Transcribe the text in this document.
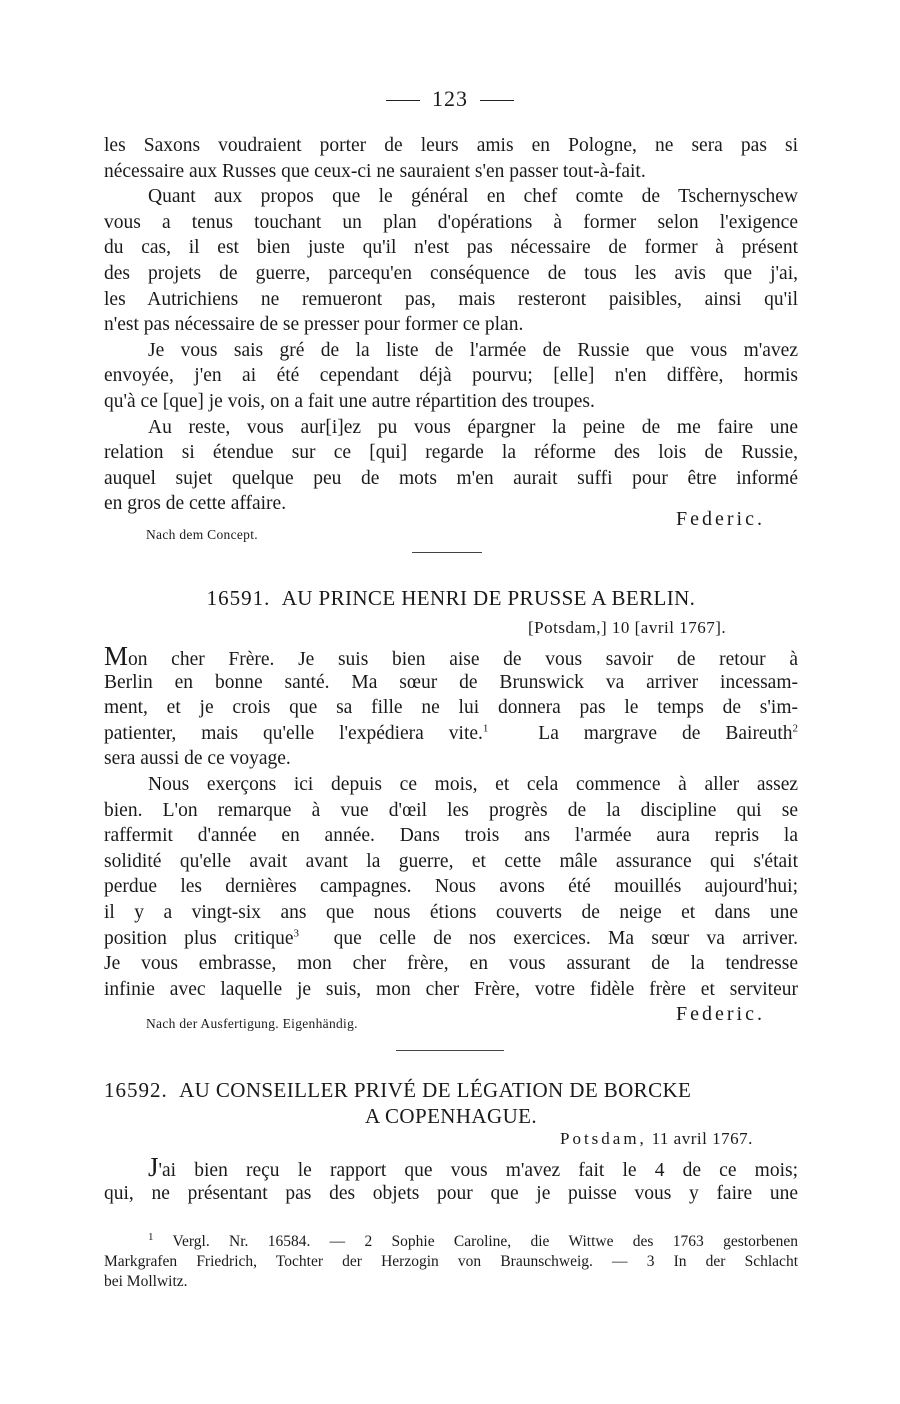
123
les Saxons voudraient porter de leurs amis en Pologne, ne sera pas si
nécessaire aux Russes que ceux-ci ne sauraient s'en passer tout-à-fait.
Quant aux propos que le général en chef comte de Tschernyschew
vous a tenus touchant un plan d'opérations à former selon l'exigence
du cas, il est bien juste qu'il n'est pas nécessaire de former à présent
des projets de guerre, parcequ'en conséquence de tous les avis que j'ai,
les Autrichiens ne remueront pas, mais resteront paisibles, ainsi qu'il
n'est pas nécessaire de se presser pour former ce plan.
Je vous sais gré de la liste de l'armée de Russie que vous m'avez
envoyée, j'en ai été cependant déjà pourvu; [elle] n'en diffère, hormis
qu'à ce [que] je vois, on a fait une autre répartition des troupes.
Au reste, vous aur[i]ez pu vous épargner la peine de me faire une
relation si étendue sur ce [qui] regarde la réforme des lois de Russie,
auquel sujet quelque peu de mots m'en aurait suffi pour être informé
en gros de cette affaire.
Federic.
Nach dem Concept.
16591. AU PRINCE HENRI DE PRUSSE A BERLIN.
[Potsdam,] 10 [avril 1767].
Mon cher Frère. Je suis bien aise de vous savoir de retour à
Berlin en bonne santé. Ma sœur de Brunswick va arriver incessam-
ment, et je crois que sa fille ne lui donnera pas le temps de s'im-
patienter, mais qu'elle l'expédiera vite.$^1$	La margrave de Baireuth$^2$
sera aussi de ce voyage.
Nous exerçons ici depuis ce mois, et cela commence à aller assez
bien. L'on remarque à vue d'œil les progrès de la discipline qui se
raffermit d'année en année. Dans trois ans l'armée aura repris la
solidité qu'elle avait avant la guerre, et cette mâle assurance qui s'était
perdue les dernières campagnes. Nous avons été mouillés aujourd'hui;
il y a vingt-six ans que nous étions couverts de neige et dans une
position plus critique$^3$ que celle de nos exercices. Ma sœur va arriver.
Je vous embrasse, mon cher frère, en vous assurant de la tendresse
infinie avec laquelle je suis, mon cher Frère, votre fidèle frère et serviteur
Federic.
Nach der Ausfertigung. Eigenhändig.
16592. AU CONSEILLER PRIVÉ DE LÉGATION DE BORCKE
A COPENHAGUE.
Potsdam, 11 avril 1767.
J'ai bien reçu le rapport que vous m'avez fait le 4 de ce mois;
qui, ne présentant pas des objets pour que je puisse vous y faire une
$^1$ Vergl. Nr. 16584. — 2 Sophie Caroline, die Wittwe des 1763 gestorbenen
Markgrafen Friedrich, Tochter der Herzogin von Braunschweig. — 3 In der Schlacht
bei Mollwitz.
